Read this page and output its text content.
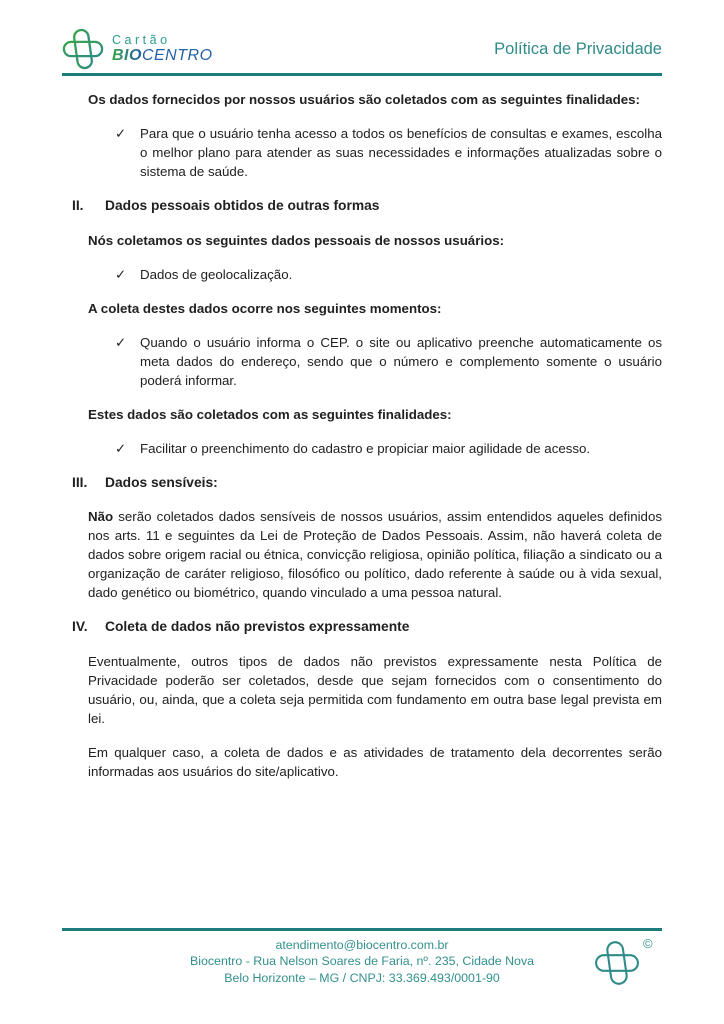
Cartão
BIOCENTRO	Política de Privacidade

Os dados fornecidos por nossos usuários são coletados com as seguintes finalidades:

✓ Para que o usuário tenha acesso a todos os benefícios de consultas e exames, escolha o melhor plano para atender as suas necessidades e informações atualizadas sobre o sistema de saúde.
II.	Dados pessoais obtidos de outras formas

Nós coletamos os seguintes dados pessoais de nossos usuários:

✓ Dados de geolocalização.

A coleta destes dados ocorre nos seguintes momentos:

✓ Quando o usuário informa o CEP. o site ou aplicativo preenche automaticamente os meta dados do endereço, sendo que o número e complemento somente o usuário poderá informar.

Estes dados são coletados com as seguintes finalidades:

✓ Facilitar o preenchimento do cadastro e propiciar maior agilidade de acesso.
III.	Dados sensíveis:

Não serão coletados dados sensíveis de nossos usuários, assim entendidos aqueles definidos nos arts. 11 e seguintes da Lei de Proteção de Dados Pessoais. Assim, não haverá coleta de dados sobre origem racial ou étnica, convicção religiosa, opinião política, filiação a sindicato ou a organização de caráter religioso, filosófico ou político, dado referente à saúde ou à vida sexual, dado genético ou biométrico, quando vinculado a uma pessoa natural.

IV.	Coleta de dados não previstos expressamente

Eventualmente, outros tipos de dados não previstos expressamente nesta Política de Privacidade poderão ser coletados, desde que sejam fornecidos com o consentimento do usuário, ou, ainda, que a coleta seja permitida com fundamento em outra base legal prevista em lei.

Em qualquer caso, a coleta de dados e as atividades de tratamento dela decorrentes serão informadas aos usuários do site/aplicativo.

atendimento@biocentro.com.br
Biocentro - Rua Nelson Soares de Faria, nº. 235, Cidade Nova
Belo Horizonte – MG / CNPJ: 33.369.493/0001-90
©
